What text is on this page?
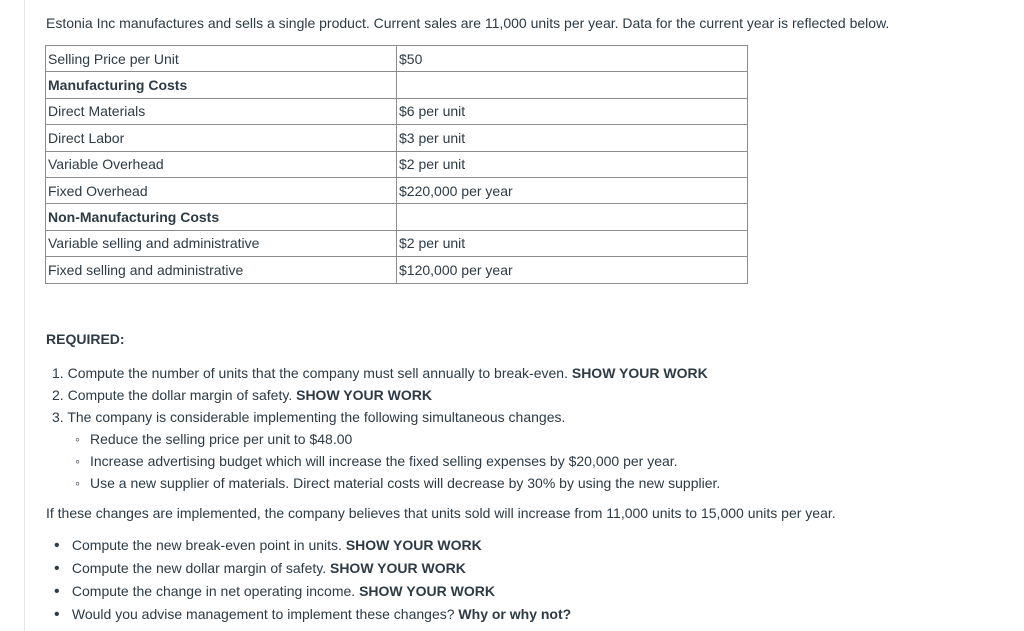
Estonia Inc manufactures and sells a single product. Current sales are 11,000 units per year. Data for the current year is reflected below.

Selling Price per Unit	$50
Manufacturing Costs	
Direct Materials	$6 per unit
Direct Labor	$3 per unit
Variable Overhead	$2 per unit
Fixed Overhead	$220,000 per year
Non-Manufacturing Costs	
Variable selling and administrative	$2 per unit
Fixed selling and administrative	$120,000 per year

REQUIRED:

1. Compute the number of units that the company must sell annually to break-even. SHOW YOUR WORK
2. Compute the dollar margin of safety. SHOW YOUR WORK
3. The company is considerable implementing the following simultaneous changes.
◦ Reduce the selling price per unit to $48.00
◦ Increase advertising budget which will increase the fixed selling expenses by $20,000 per year.
◦ Use a new supplier of materials. Direct material costs will decrease by 30% by using the new supplier.

If these changes are implemented, the company believes that units sold will increase from 11,000 units to 15,000 units per year.

• Compute the new break-even point in units. SHOW YOUR WORK
• Compute the new dollar margin of safety. SHOW YOUR WORK
• Compute the change in net operating income. SHOW YOUR WORK
• Would you advise management to implement these changes? Why or why not?
